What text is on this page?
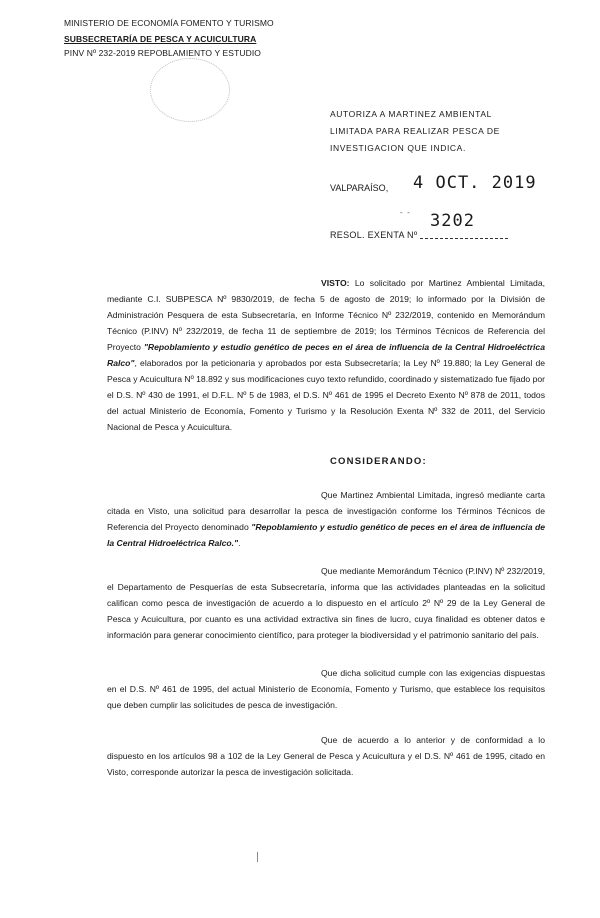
MINISTERIO DE ECONOMÍA FOMENTO Y TURISMO
SUBSECRETARÍA DE PESCA Y ACUICULTURA
PINV Nº 232-2019 REPOBLAMIENTO Y ESTUDIO
AUTORIZA A MARTINEZ AMBIENTAL LIMITADA PARA REALIZAR PESCA DE INVESTIGACION QUE INDICA.
VALPARAÍSO, 4 OCT. 2019
-  -
RESOL. EXENTA Nº
3202
VISTO: Lo solicitado por Martinez Ambiental Limitada, mediante C.I. SUBPESCA Nº 9830/2019, de fecha 5 de agosto de 2019; lo informado por la División de Administración Pesquera de esta Subsecretaría, en Informe Técnico Nº 232/2019, contenido en Memorándum Técnico (P.INV) Nº 232/2019, de fecha 11 de septiembre de 2019; los Términos Técnicos de Referencia del Proyecto "Repoblamiento y estudio genético de peces en el área de influencia de la Central Hidroeléctrica Ralco", elaborados por la peticionaria y aprobados por esta Subsecretaría; la Ley Nº 19.880; la Ley General de Pesca y Acuicultura Nº 18.892 y sus modificaciones cuyo texto refundido, coordinado y sistematizado fue fijado por el D.S. Nº 430 de 1991, el D.F.L. Nº 5 de 1983, el D.S. Nº 461 de 1995 el Decreto Exento Nº 878 de 2011, todos del actual Ministerio de Economía, Fomento y Turismo y la Resolución Exenta Nº 332 de 2011, del Servicio Nacional de Pesca y Acuicultura.
CONSIDERANDO:
Que Martinez Ambiental Limitada, ingresó mediante carta citada en Visto, una solicitud para desarrollar la pesca de investigación conforme los Términos Técnicos de Referencia del Proyecto denominado "Repoblamiento y estudio genético de peces en el área de influencia de la Central Hidroeléctrica Ralco.".
Que mediante Memorándum Técnico (P.INV) Nº 232/2019, el Departamento de Pesquerías de esta Subsecretaría, informa que las actividades planteadas en la solicitud califican como pesca de investigación de acuerdo a lo dispuesto en el artículo 2º Nº 29 de la Ley General de Pesca y Acuicultura, por cuanto es una actividad extractiva sin fines de lucro, cuya finalidad es obtener datos e información para generar conocimiento científico, para proteger la biodiversidad y el patrimonio sanitario del país.
Que dicha solicitud cumple con las exigencias dispuestas en el D.S. Nº 461 de 1995, del actual Ministerio de Economía, Fomento y Turismo, que establece los requisitos que deben cumplir las solicitudes de pesca de investigación.
Que de acuerdo a lo anterior y de conformidad a lo dispuesto en los artículos 98 a 102 de la Ley General de Pesca y Acuicultura y el D.S. Nº 461 de 1995, citado en Visto, corresponde autorizar la pesca de investigación solicitada.
